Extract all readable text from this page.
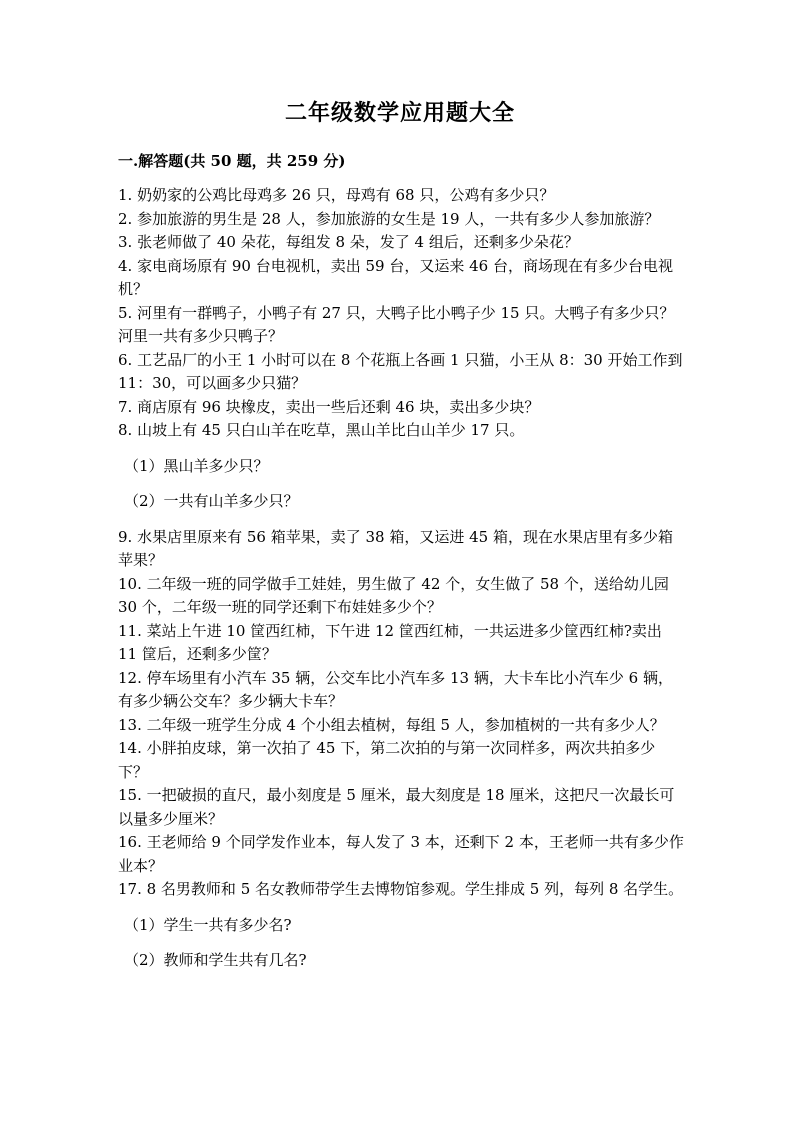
二年级数学应用题大全
一.解答题(共 50 题，共 259 分)

1. 奶奶家的公鸡比母鸡多 26 只，母鸡有 68 只，公鸡有多少只？

2. 参加旅游的男生是 28 人，参加旅游的女生是 19 人，一共有多少人参加旅游？

3. 张老师做了 40 朵花，每组发 8 朵，发了 4 组后，还剩多少朵花？

4. 家电商场原有 90 台电视机，卖出 59 台，又运来 46 台，商场现在有多少台电视机？

5. 河里有一群鸭子，小鸭子有 27 只，大鸭子比小鸭子少 15 只。大鸭子有多少只？河里一共有多少只鸭子？

6. 工艺品厂的小王 1 小时可以在 8 个花瓶上各画 1 只猫，小王从 8：30 开始工作到 11：30，可以画多少只猫？

7. 商店原有 96 块橡皮，卖出一些后还剩 46 块，卖出多少块？

8. 山坡上有 45 只白山羊在吃草，黑山羊比白山羊少 17 只。

（1）黑山羊多少只？

（2）一共有山羊多少只？

9. 水果店里原来有 56 箱苹果，卖了 38 箱，又运进 45 箱，现在水果店里有多少箱苹果？

10. 二年级一班的同学做手工娃娃，男生做了 42 个，女生做了 58 个，送给幼儿园 30 个，二年级一班的同学还剩下布娃娃多少个？

11. 菜站上午进 10 筐西红柿，下午进 12 筐西红柿，一共运进多少筐西红柿?卖出 11 筐后，还剩多少筐？

12. 停车场里有小汽车 35 辆，公交车比小汽车多 13 辆，大卡车比小汽车少 6 辆，有多少辆公交车？多少辆大卡车？

13. 二年级一班学生分成 4 个小组去植树，每组 5 人，参加植树的一共有多少人？

14. 小胖拍皮球，第一次拍了 45 下，第二次拍的与第一次同样多，两次共拍多少下？

15. 一把破损的直尺，最小刻度是 5 厘米，最大刻度是 18 厘米，这把尺一次最长可以量多少厘米？

16. 王老师给 9 个同学发作业本，每人发了 3 本，还剩下 2 本，王老师一共有多少作业本？

17. 8 名男教师和 5 名女教师带学生去博物馆参观。学生排成 5 列，每列 8 名学生。

（1）学生一共有多少名?

（2）教师和学生共有几名?
